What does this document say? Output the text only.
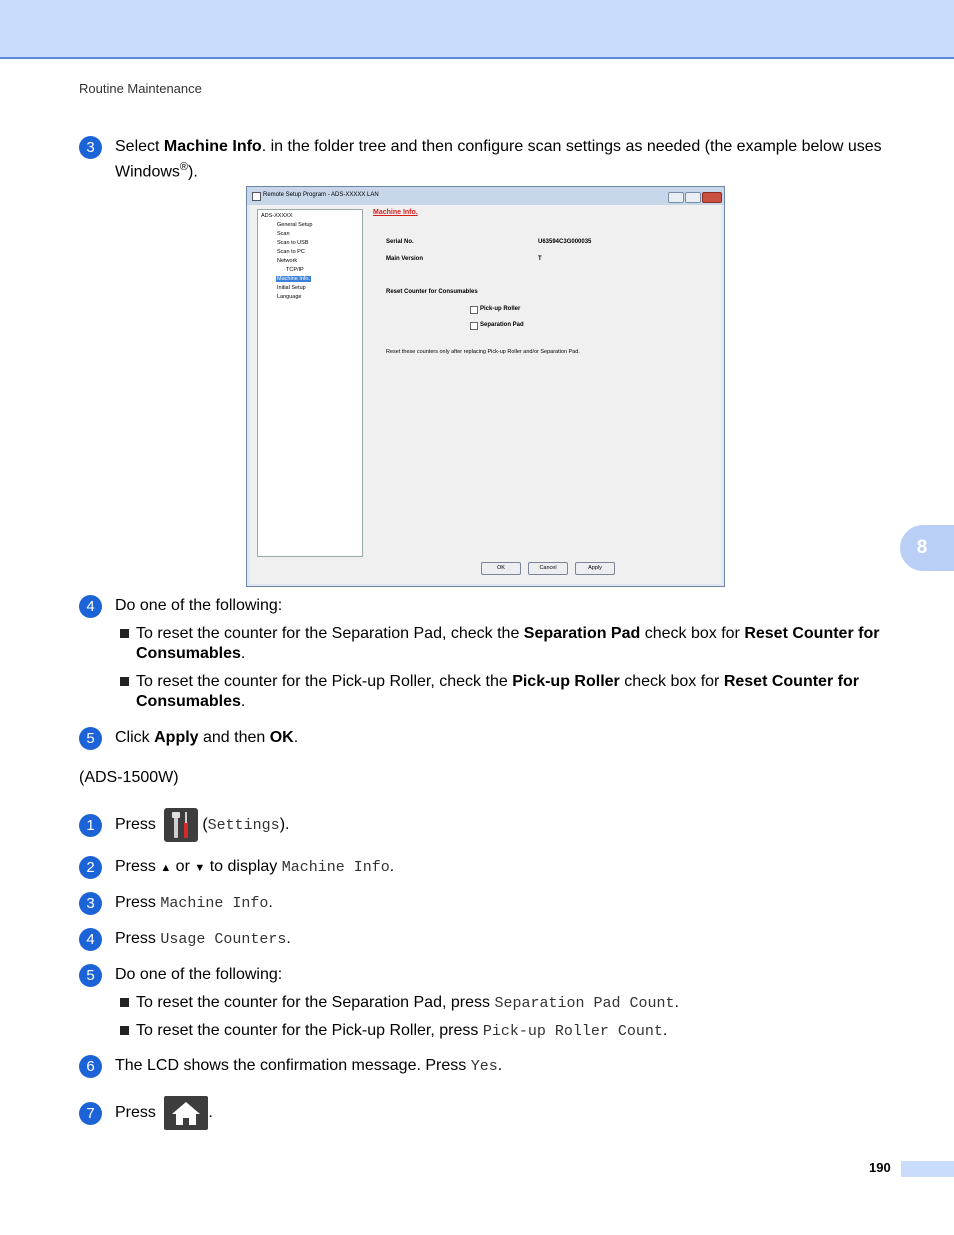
Routine Maintenance
8
3	Select Machine Info. in the folder tree and then configure scan settings as needed (the example below uses Windows®).
Remote Setup Program - ADS-XXXXX LAN
ADS-XXXXX
General Setup
Scan
Scan to USB
Scan to PC
Network
TCP/IP
Machine Info.
Initial Setup
Language
Machine Info.
Serial No.	U63594C3G000035
Main Version	T
Reset Counter for Consumables
Pick-up Roller
Separation Pad
Reset these counters only after replacing Pick-up Roller and/or Separation Pad.
OK	Cancel	Apply
4	Do one of the following:
To reset the counter for the Separation Pad, check the Separation Pad check box for Reset Counter for Consumables.
To reset the counter for the Pick-up Roller, check the Pick-up Roller check box for Reset Counter for Consumables.
5	Click Apply and then OK.
(ADS-1500W)
1	Press	(Settings).
2	Press ▲ or ▼ to display Machine Info.
3	Press Machine Info.
4	Press Usage Counters.
5	Do one of the following:
To reset the counter for the Separation Pad, press Separation Pad Count.
To reset the counter for the Pick-up Roller, press Pick-up Roller Count.
6	The LCD shows the confirmation message. Press Yes.
7	Press	.
190
